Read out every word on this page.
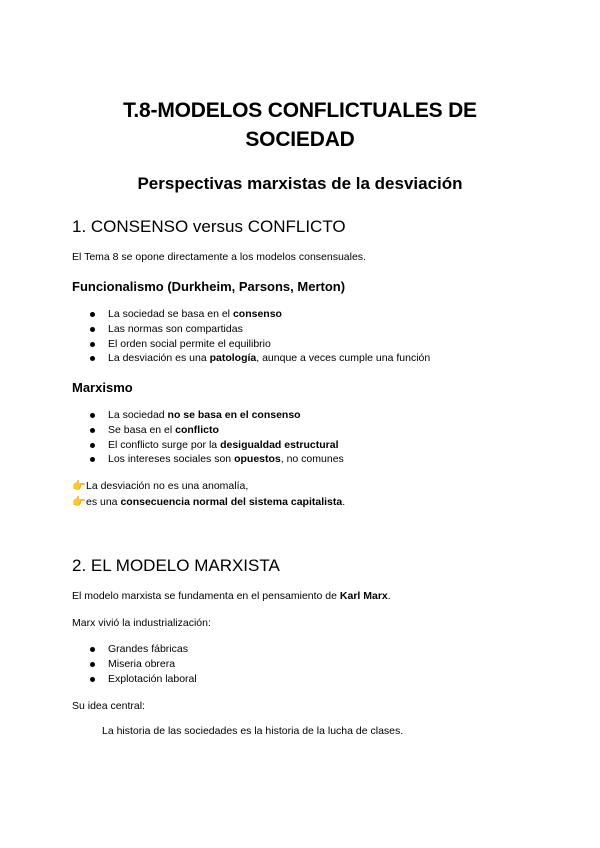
T.8-MODELOS CONFLICTUALES DE
SOCIEDAD
Perspectivas marxistas de la desviación
1. CONSENSO versus CONFLICTO
El Tema 8 se opone directamente a los modelos consensuales.
Funcionalismo (Durkheim, Parsons, Merton)
La sociedad se basa en el consenso
Las normas son compartidas
El orden social permite el equilibrio
La desviación es una patología, aunque a veces cumple una función
Marxismo
La sociedad no se basa en el consenso
Se basa en el conflicto
El conflicto surge por la desigualdad estructural
Los intereses sociales son opuestos, no comunes
👉La desviación no es una anomalía,
👉es una consecuencia normal del sistema capitalista.
2. EL MODELO MARXISTA
El modelo marxista se fundamenta en el pensamiento de Karl Marx.
Marx vivió la industrialización:
Grandes fábricas
Miseria obrera
Explotación laboral
Su idea central:
La historia de las sociedades es la historia de la lucha de clases.
